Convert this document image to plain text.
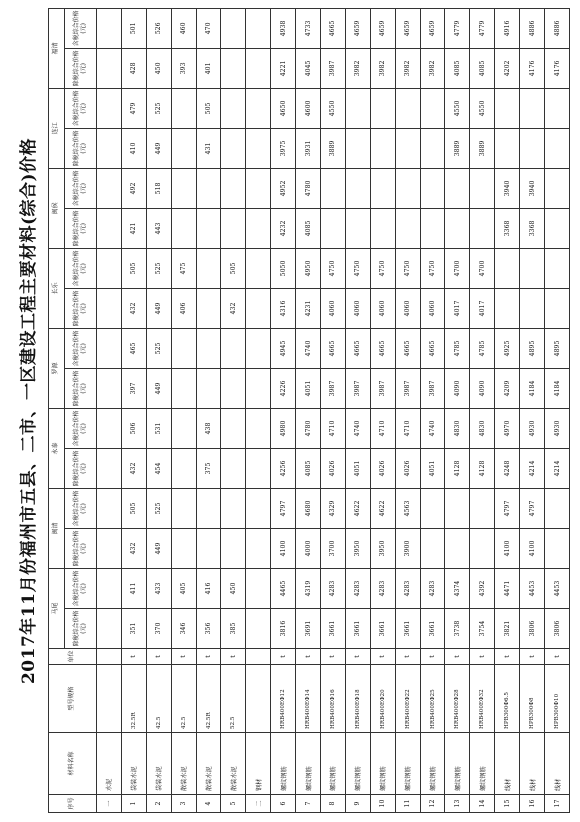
2017年11月份福州市五县、二市、一区建设工程主要材料(综合)价格
序号	材料名称	型号规格	单位	马尾		闽清		永泰		罗源		长乐		闽侯		连江		福清	
				除税综合价格(元)	含税综合价格(元)	除税综合价格(元)	含税综合价格(元)	除税综合价格(元)	含税综合价格(元)	除税综合价格(元)	含税综合价格(元)	除税综合价格(元)	含税综合价格(元)	除税综合价格(元)	含税综合价格(元)	除税综合价格(元)	含税综合价格(元)	除税综合价格(元)	含税综合价格(元)
一	水泥																		
1	袋装水泥	32.5R	t	351	411	432	505	432	506	397	465	432	505	421	492	410	479	428	501
2	袋装水泥	42.5	t	370	433	449	525	454	531	449	525	449	525	443	518	449	525	450	526
3	散装水泥	42.5	t	346	405							406	475					393	460
4	散装水泥	42.5R	t	356	416			375	438							431	505	401	470
5	散装水泥	52.5	t	385	450							432	505						
二	钢材																		
6	螺纹钢筋	HRB400EΦ12	t	3816	4465	4100	4797	4256	4980	4226	4945	4316	5050	4232	4952	3975	4650	4221	4938
7	螺纹钢筋	HRB400EΦ14	t	3691	4319	4000	4680	4085	4780	4051	4740	4231	4950	4085	4780	3931	4600	4045	4733
8	螺纹钢筋	HRB400EΦ16	t	3661	4283	3700	4329	4026	4710	3987	4665	4060	4750			3889	4550	3987	4665
9	螺纹钢筋	HRB400EΦ18	t	3661	4283	3950	4622	4051	4740	3987	4665	4060	4750					3982	4659
10	螺纹钢筋	HRB400EΦ20	t	3661	4283	3950	4622	4026	4710	3987	4665	4060	4750					3982	4659
11	螺纹钢筋	HRB400EΦ22	t	3661	4283	3900	4563	4026	4710	3987	4665	4060	4750					3982	4659
12	螺纹钢筋	HRB400EΦ25	t	3661	4283			4051	4740	3987	4665	4060	4750					3982	4659
13	螺纹钢筋	HRB400EΦ28	t	3738	4374			4128	4830	4090	4785	4017	4700			3889	4550	4085	4779
14	螺纹钢筋	HRB400EΦ32	t	3754	4392			4128	4830	4090	4785	4017	4700			3889	4550	4085	4779
15	线材	HPB300Φ6.5	t	3821	4471	4100	4797	4248	4970	4209	4925			3368	3940			4202	4916
16	线材	HPB300Φ8	t	3806	4453	4100	4797	4214	4930	4184	4895			3368	3940			4176	4886
17	线材	HPB300Φ10	t	3806	4453			4214	4930	4184	4895							4176	4886
